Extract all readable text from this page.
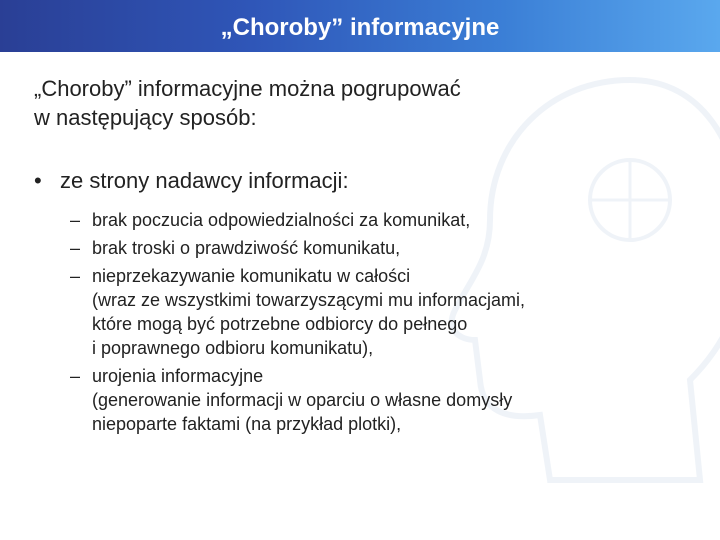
„Choroby” informacyjne

„Choroby” informacyjne można pogrupować
w następujący sposób:

• ze strony nadawcy informacji:
– brak poczucia odpowiedzialności za komunikat,
– brak troski o prawdziwość komunikatu,
– nieprzekazywanie komunikatu w całości
(wraz ze wszystkimi towarzyszącymi mu informacjami,
które mogą być potrzebne odbiorcy do pełnego
i poprawnego odbioru komunikatu),
– urojenia informacyjne
(generowanie informacji w oparciu o własne domysły
niepoparte faktami (na przykład plotki),
